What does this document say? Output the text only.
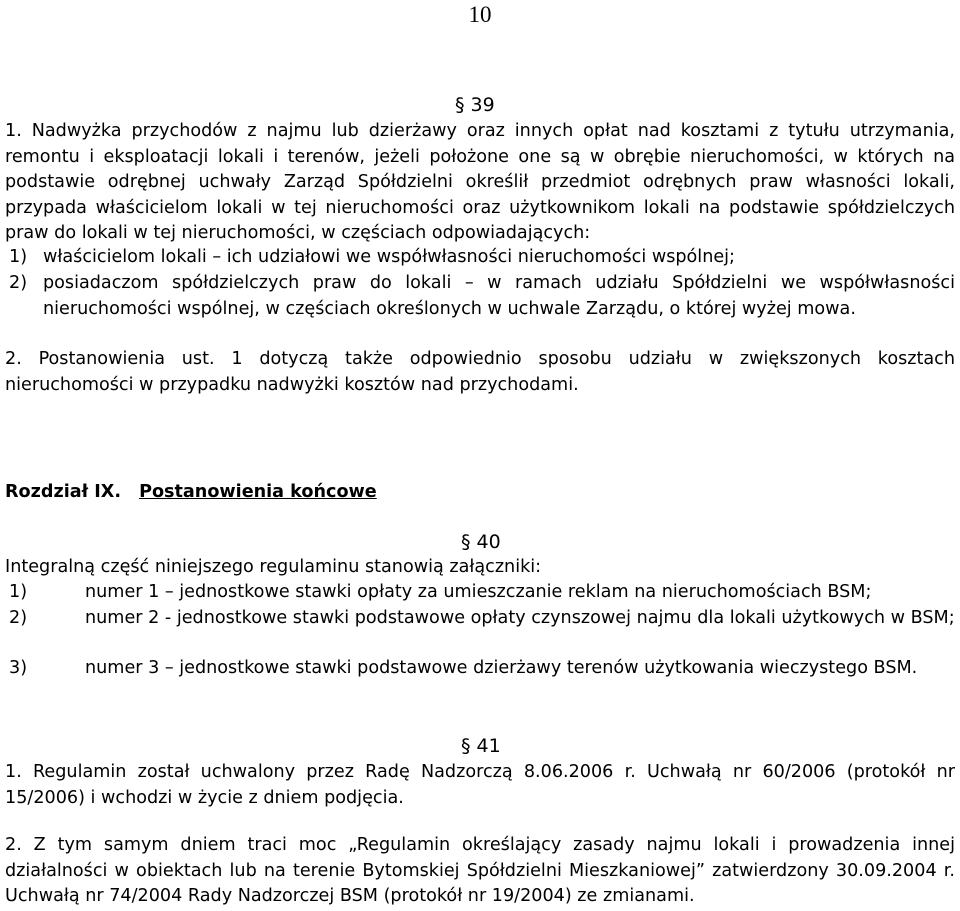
10
§ 39
1. Nadwyżka przychodów z najmu lub dzierżawy oraz innych opłat nad kosztami z tytułu utrzymania, remontu i eksploatacji lokali i terenów, jeżeli położone one są w obrębie nieruchomości, w których na podstawie odrębnej uchwały Zarząd Spółdzielni określił przedmiot odrębnych praw własności lokali, przypada właścicielom lokali w tej nieruchomości oraz użytkownikom lokali na podstawie spółdzielczych praw do lokali w tej nieruchomości, w częściach odpowiadających:
1) właścicielom lokali – ich udziałowi we współwłasności nieruchomości wspólnej;
2) posiadaczom spółdzielczych praw do lokali – w ramach udziału Spółdzielni we współwłasności nieruchomości wspólnej, w częściach określonych w uchwale Zarządu, o której wyżej mowa.
2. Postanowienia ust. 1 dotyczą także odpowiednio sposobu udziału w zwiększonych kosztach nieruchomości w przypadku nadwyżki kosztów nad przychodami.
Rozdział IX. Postanowienia końcowe
§ 40
Integralną część niniejszego regulaminu stanowią załączniki:
1)	numer 1 – jednostkowe stawki opłaty za umieszczanie reklam na nieruchomościach BSM;
2)	numer 2 - jednostkowe stawki podstawowe opłaty czynszowej najmu dla lokali użytkowych w BSM;
3)	numer 3 – jednostkowe stawki podstawowe dzierżawy terenów użytkowania wieczystego BSM.
§ 41
1. Regulamin został uchwalony przez Radę Nadzorczą 8.06.2006 r. Uchwałą nr 60/2006 (protokół nr 15/2006) i wchodzi w życie z dniem podjęcia.
2. Z tym samym dniem traci moc „Regulamin określający zasady najmu lokali i prowadzenia innej działalności w obiektach lub na terenie Bytomskiej Spółdzielni Mieszkaniowej” zatwierdzony 30.09.2004 r. Uchwałą nr 74/2004 Rady Nadzorczej BSM (protokół nr 19/2004) ze zmianami.
